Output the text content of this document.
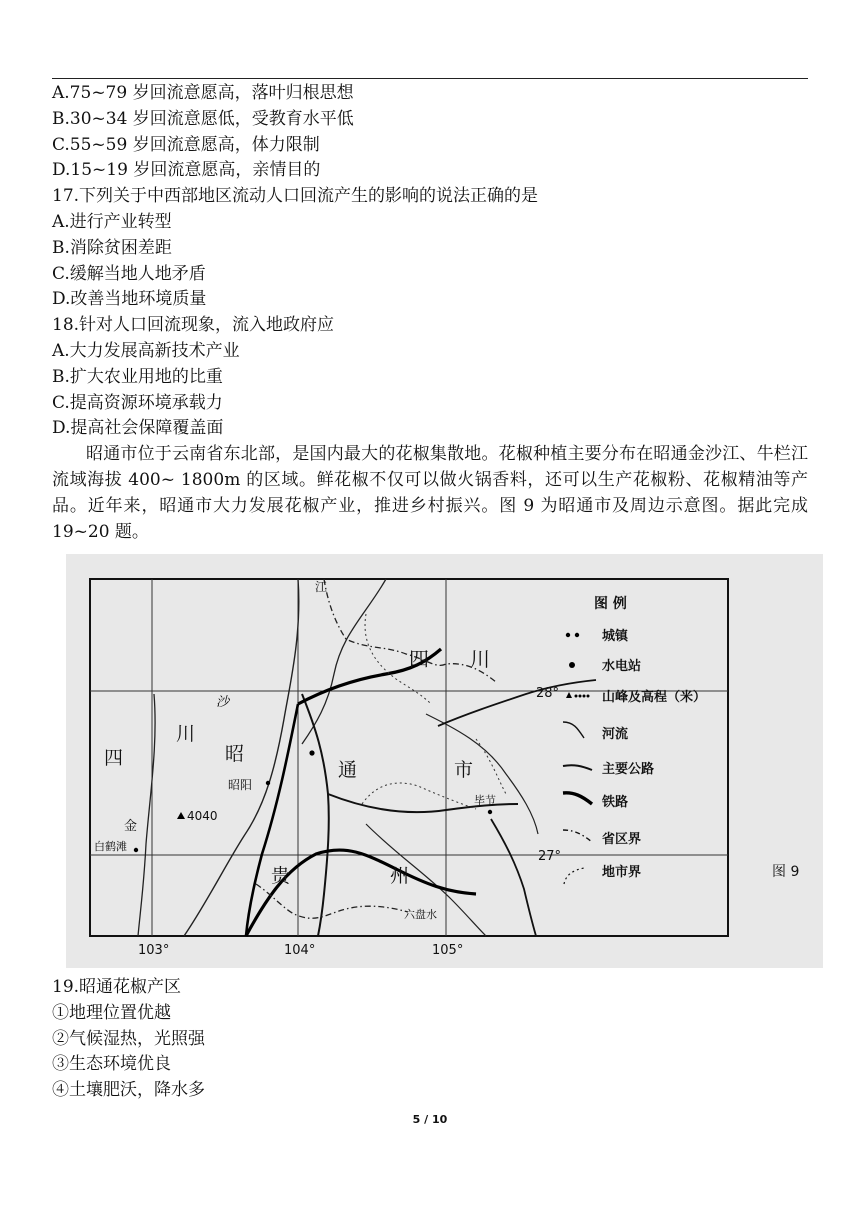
A.75~79 岁回流意愿高，落叶归根思想
B.30~34 岁回流意愿低，受教育水平低
C.55~59 岁回流意愿高，体力限制
D.15~19 岁回流意愿高，亲情目的
17.下列关于中西部地区流动人口回流产生的影响的说法正确的是
A.进行产业转型
B.消除贫困差距
C.缓解当地人地矛盾
D.改善当地环境质量
18.针对人口回流现象，流入地政府应
A.大力发展高新技术产业
B.扩大农业用地的比重
C.提高资源环境承载力
D.提高社会保障覆盖面
昭通市位于云南省东北部，是国内最大的花椒集散地。花椒种植主要分布在昭通金沙江、牛栏江流域海拔 400~ 1800m 的区域。鲜花椒不仅可以做火锅香料，还可以生产花椒粉、花椒精油等产品。近年来，昭通市大力发展花椒产业，推进乡村振兴。图 9 为昭通市及周边示意图。据此完成 19~20 题。
四 川
四
川
沙
江
金
昭
通	市
昭阳
4040
白鹤滩
贵	州
毕节
六盘水
28°
27°
103°	104°	105°
图 例
城镇
水电站
山峰及高程（米）
河流
主要公路
铁路
省区界
地市界	图 9
19.昭通花椒产区
①地理位置优越
②气候湿热，光照强
③生态环境优良
④土壤肥沃，降水多
5 / 10
